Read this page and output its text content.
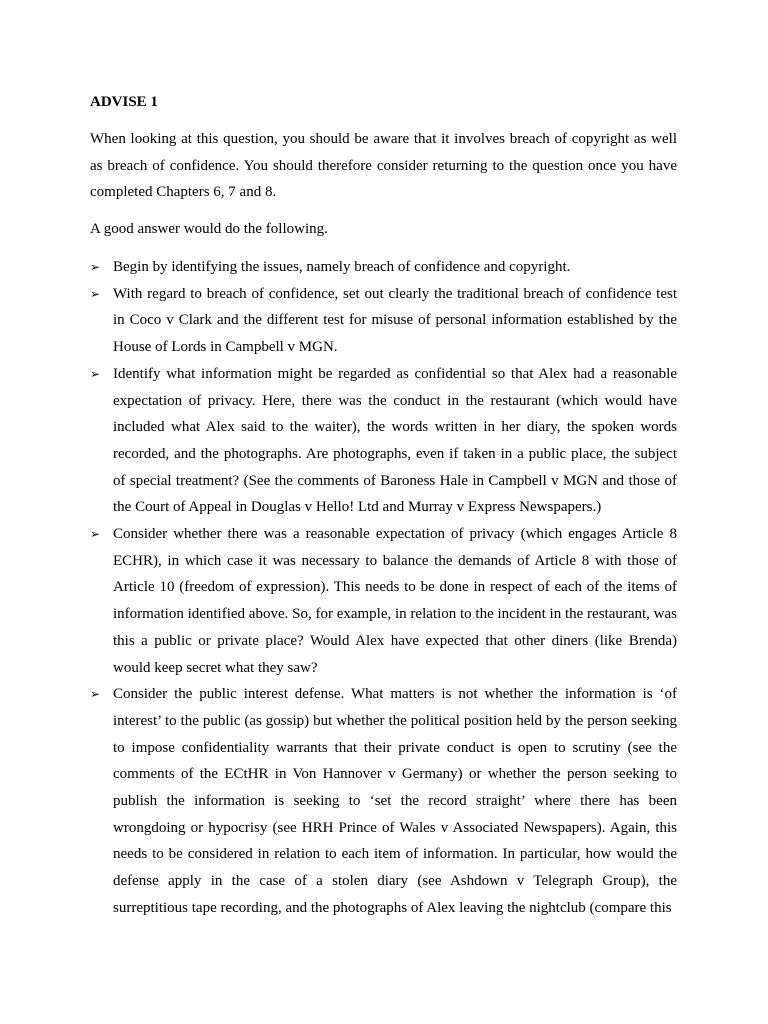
ADVISE 1

When looking at this question, you should be aware that it involves breach of copyright as well as breach of confidence. You should therefore consider returning to the question once you have completed Chapters 6, 7 and 8.

A good answer would do the following.

➢ Begin by identifying the issues, namely breach of confidence and copyright.
➢ With regard to breach of confidence, set out clearly the traditional breach of confidence test in Coco v Clark and the different test for misuse of personal information established by the House of Lords in Campbell v MGN.
➢ Identify what information might be regarded as confidential so that Alex had a reasonable expectation of privacy. Here, there was the conduct in the restaurant (which would have included what Alex said to the waiter), the words written in her diary, the spoken words recorded, and the photographs. Are photographs, even if taken in a public place, the subject of special treatment? (See the comments of Baroness Hale in Campbell v MGN and those of the Court of Appeal in Douglas v Hello! Ltd and Murray v Express Newspapers.)
➢ Consider whether there was a reasonable expectation of privacy (which engages Article 8 ECHR), in which case it was necessary to balance the demands of Article 8 with those of Article 10 (freedom of expression). This needs to be done in respect of each of the items of information identified above. So, for example, in relation to the incident in the restaurant, was this a public or private place? Would Alex have expected that other diners (like Brenda) would keep secret what they saw?
➢ Consider the public interest defense. What matters is not whether the information is ‘of interest’ to the public (as gossip) but whether the political position held by the person seeking to impose confidentiality warrants that their private conduct is open to scrutiny (see the comments of the ECtHR in Von Hannover v Germany) or whether the person seeking to publish the information is seeking to ‘set the record straight’ where there has been wrongdoing or hypocrisy (see HRH Prince of Wales v Associated Newspapers). Again, this needs to be considered in relation to each item of information. In particular, how would the defense apply in the case of a stolen diary (see Ashdown v Telegraph Group), the surreptitious tape recording, and the photographs of Alex leaving the nightclub (compare this
